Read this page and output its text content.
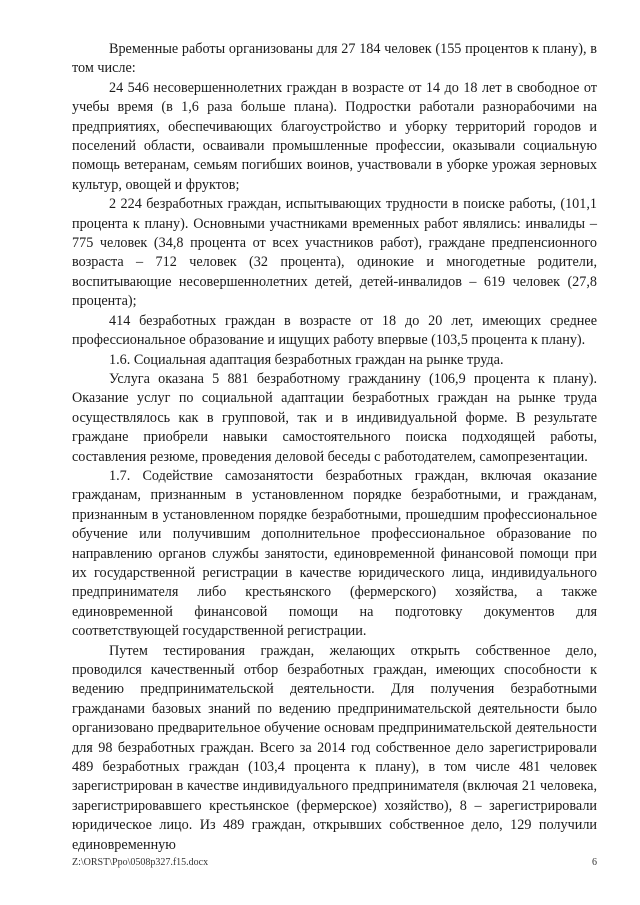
Временные работы организованы для 27 184 человек (155 процентов к плану), в том числе:

24 546 несовершеннолетних граждан в возрасте от 14 до 18 лет в свободное от учебы время (в 1,6 раза больше плана). Подростки работали разнорабочими на предприятиях, обеспечивающих благоустройство и уборку территорий городов и поселений области, осваивали промышленные профессии, оказывали социальную помощь ветеранам, семьям погибших воинов, участвовали в уборке урожая зерновых культур, овощей и фруктов;

2 224 безработных граждан, испытывающих трудности в поиске работы, (101,1 процента к плану). Основными участниками временных работ являлись: инвалиды – 775 человек (34,8 процента от всех участников работ), граждане предпенсионного возраста – 712 человек (32 процента), одинокие и многодетные родители, воспитывающие несовершеннолетних детей, детей-инвалидов – 619 человек (27,8 процента);

414 безработных граждан в возрасте от 18 до 20 лет, имеющих среднее профессиональное образование и ищущих работу впервые (103,5 процента к плану).

1.6. Социальная адаптация безработных граждан на рынке труда.

Услуга оказана 5 881 безработному гражданину (106,9 процента к плану). Оказание услуг по социальной адаптации безработных граждан на рынке труда осуществлялось как в групповой, так и в индивидуальной форме. В результате граждане приобрели навыки самостоятельного поиска подходящей работы, составления резюме, проведения деловой беседы с работодателем, самопрезентации.

1.7. Содействие самозанятости безработных граждан, включая оказание гражданам, признанным в установленном порядке безработными, и гражданам, признанным в установленном порядке безработными, прошедшим профессиональное обучение или получившим дополнительное профессиональное образование по направлению органов службы занятости, единовременной финансовой помощи при их государственной регистрации в качестве юридического лица, индивидуального предпринимателя либо крестьянского (фермерского) хозяйства, а также единовременной финансовой помощи на подготовку документов для соответствующей государственной регистрации.

Путем тестирования граждан, желающих открыть собственное дело, проводился качественный отбор безработных граждан, имеющих способности к ведению предпринимательской деятельности. Для получения безработными гражданами базовых знаний по ведению предпринимательской деятельности было организовано предварительное обучение основам предпринимательской деятельности для 98 безработных граждан. Всего за 2014 год собственное дело зарегистрировали 489 безработных граждан (103,4 процента к плану), в том числе 481 человек зарегистрирован в качестве индивидуального предпринимателя (включая 21 человека, зарегистрировавшего крестьянское (фермерское) хозяйство), 8 – зарегистрировали юридическое лицо. Из 489 граждан, открывших собственное дело, 129 получили единовременную

Z:\ORST\Ppo\0508p327.f15.docx	6
